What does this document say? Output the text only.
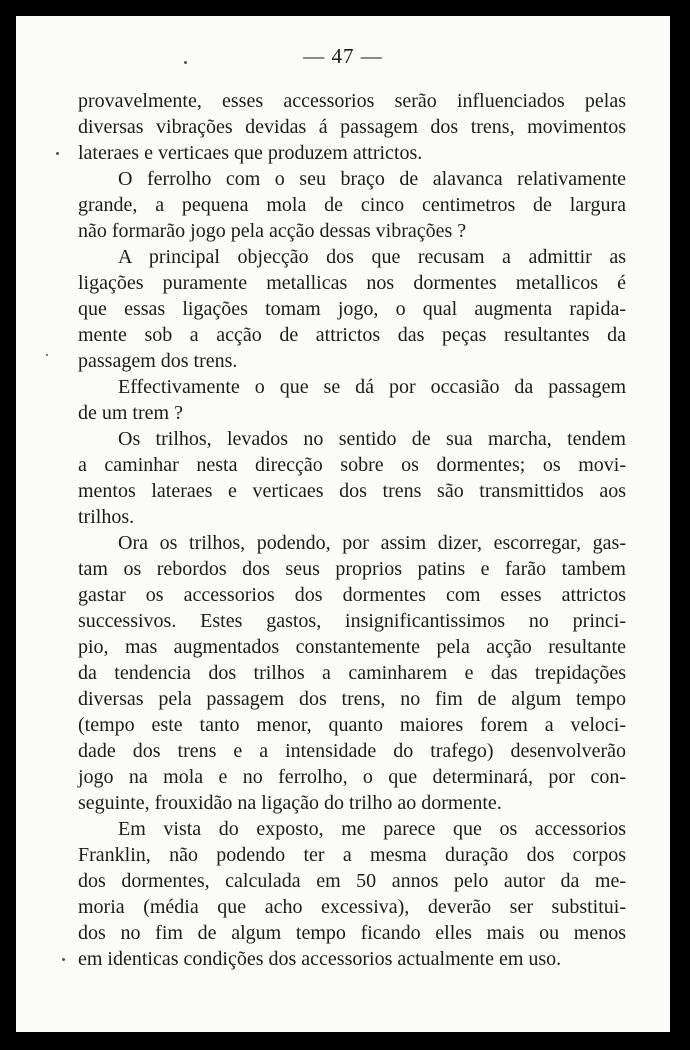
— 47 —

provavelmente, esses accessorios serão influenciados pelas
diversas vibrações devidas á passagem dos trens, movimentos
lateraes e verticaes que produzem attrictos.

O ferrolho com o seu braço de alavanca relativamente
grande, a pequena mola de cinco centimetros de largura
não formarão jogo pela acção dessas vibrações ?

A principal objecção dos que recusam a admittir as
ligações puramente metallicas nos dormentes metallicos é
que essas ligações tomam jogo, o qual augmenta rapida-
mente sob a acção de attrictos das peças resultantes da
passagem dos trens.

Effectivamente o que se dá por occasião da passagem
de um trem ?

Os trilhos, levados no sentido de sua marcha, tendem
a caminhar nesta direcção sobre os dormentes; os movi-
mentos lateraes e verticaes dos trens são transmittidos aos
trilhos.

Ora os trilhos, podendo, por assim dizer, escorregar, gas-
tam os rebordos dos seus proprios patins e farão tambem
gastar os accessorios dos dormentes com esses attrictos
successivos. Estes gastos, insignificantissimos no princi-
pio, mas augmentados constantemente pela acção resultante
da tendencia dos trilhos a caminharem e das trepidações
diversas pela passagem dos trens, no fim de algum tempo
(tempo este tanto menor, quanto maiores forem a veloci-
dade dos trens e a intensidade do trafego) desenvolverão
jogo na mola e no ferrolho, o que determinará, por con-
seguinte, frouxidão na ligação do trilho ao dormente.

Em vista do exposto, me parece que os accessorios
Franklin, não podendo ter a mesma duração dos corpos
dos dormentes, calculada em 50 annos pelo autor da me-
moria (média que acho excessiva), deverão ser substitui-
dos no fim de algum tempo ficando elles mais ou menos
em identicas condições dos accessorios actualmente em uso.
